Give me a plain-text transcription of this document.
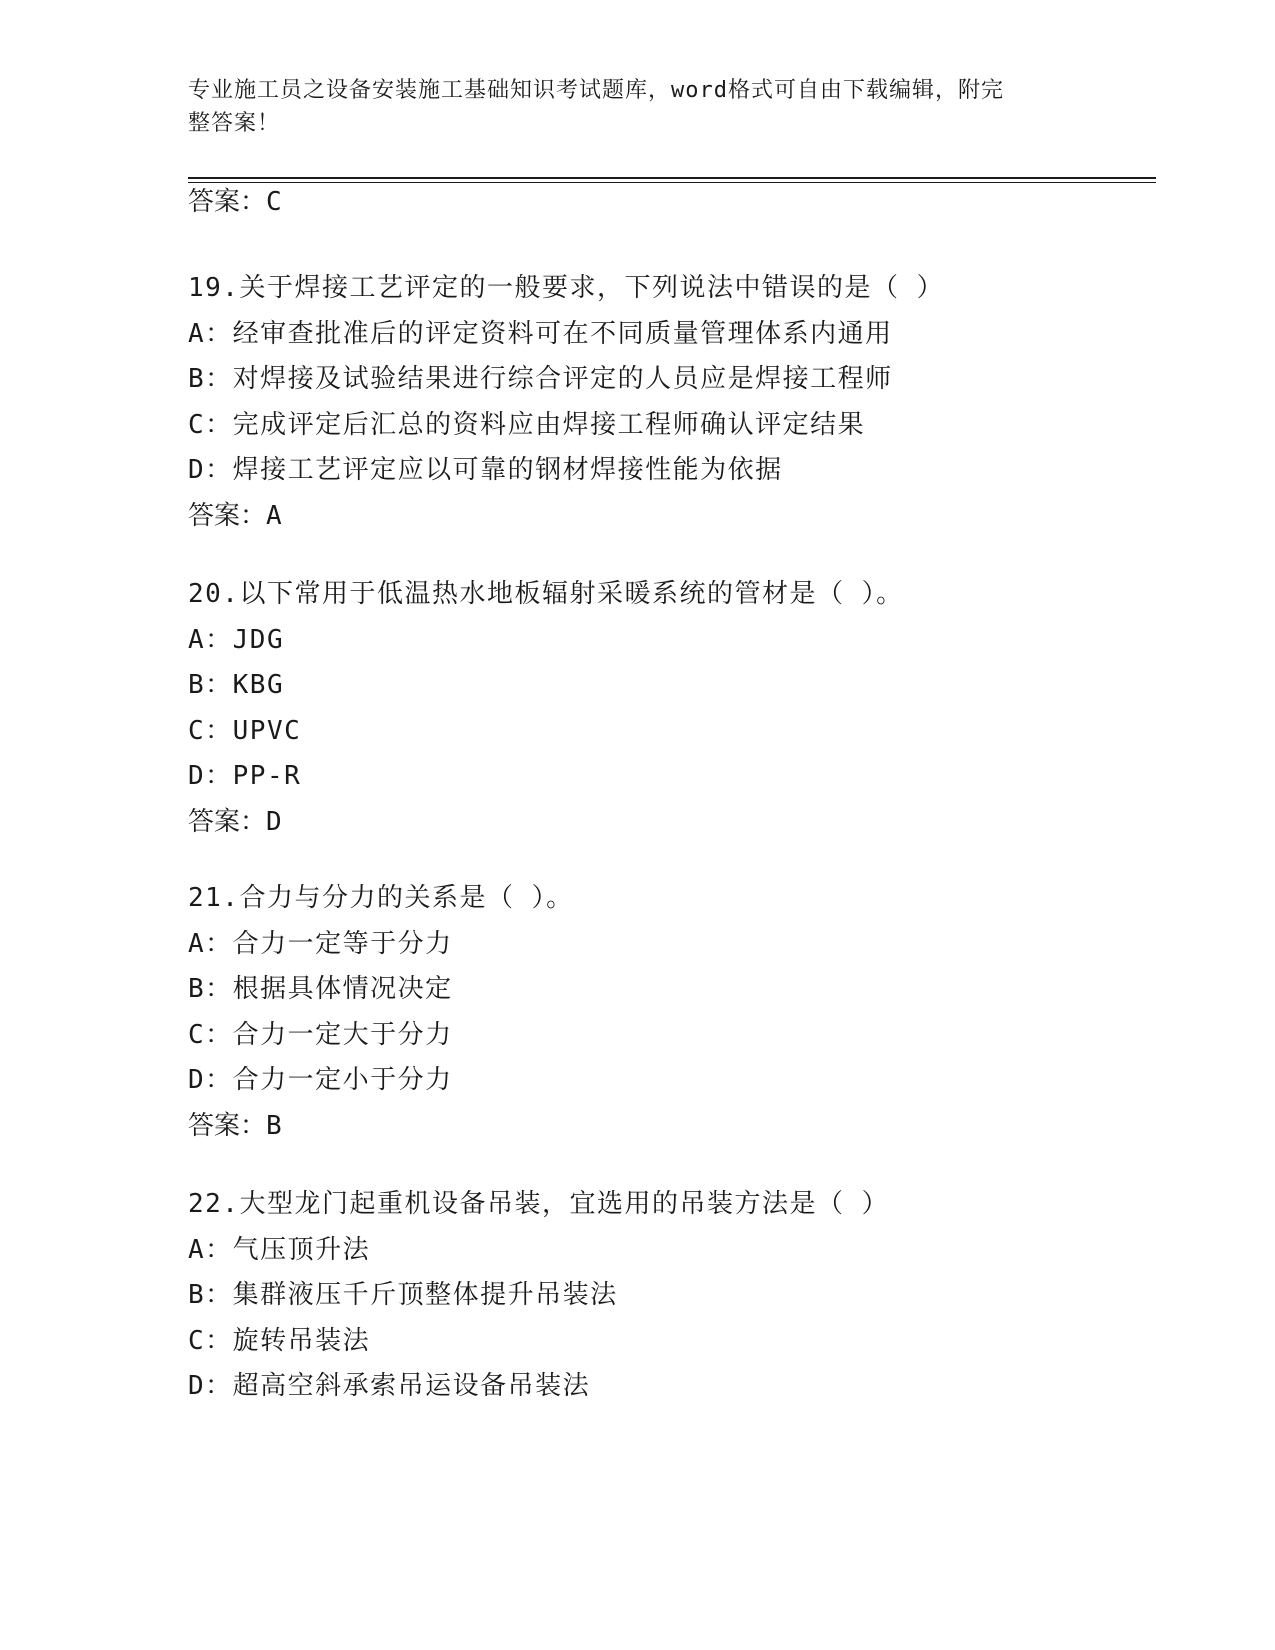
专业施工员之设备安装施工基础知识考试题库，word格式可自由下载编辑，附完
整答案！
答案：C
19.关于焊接工艺评定的一般要求，下列说法中错误的是（ ）
A：经审查批准后的评定资料可在不同质量管理体系内通用
B：对焊接及试验结果进行综合评定的人员应是焊接工程师
C：完成评定后汇总的资料应由焊接工程师确认评定结果
D：焊接工艺评定应以可靠的钢材焊接性能为依据
答案：A
20.以下常用于低温热水地板辐射采暖系统的管材是（ ）。
A：JDG
B：KBG
C：UPVC
D：PP-R
答案：D
21.合力与分力的关系是（ ）。
A：合力一定等于分力
B：根据具体情况决定
C：合力一定大于分力
D：合力一定小于分力
答案：B
22.大型龙门起重机设备吊装，宜选用的吊装方法是（ ）
A：气压顶升法
B：集群液压千斤顶整体提升吊装法
C：旋转吊装法
D：超高空斜承索吊运设备吊装法
